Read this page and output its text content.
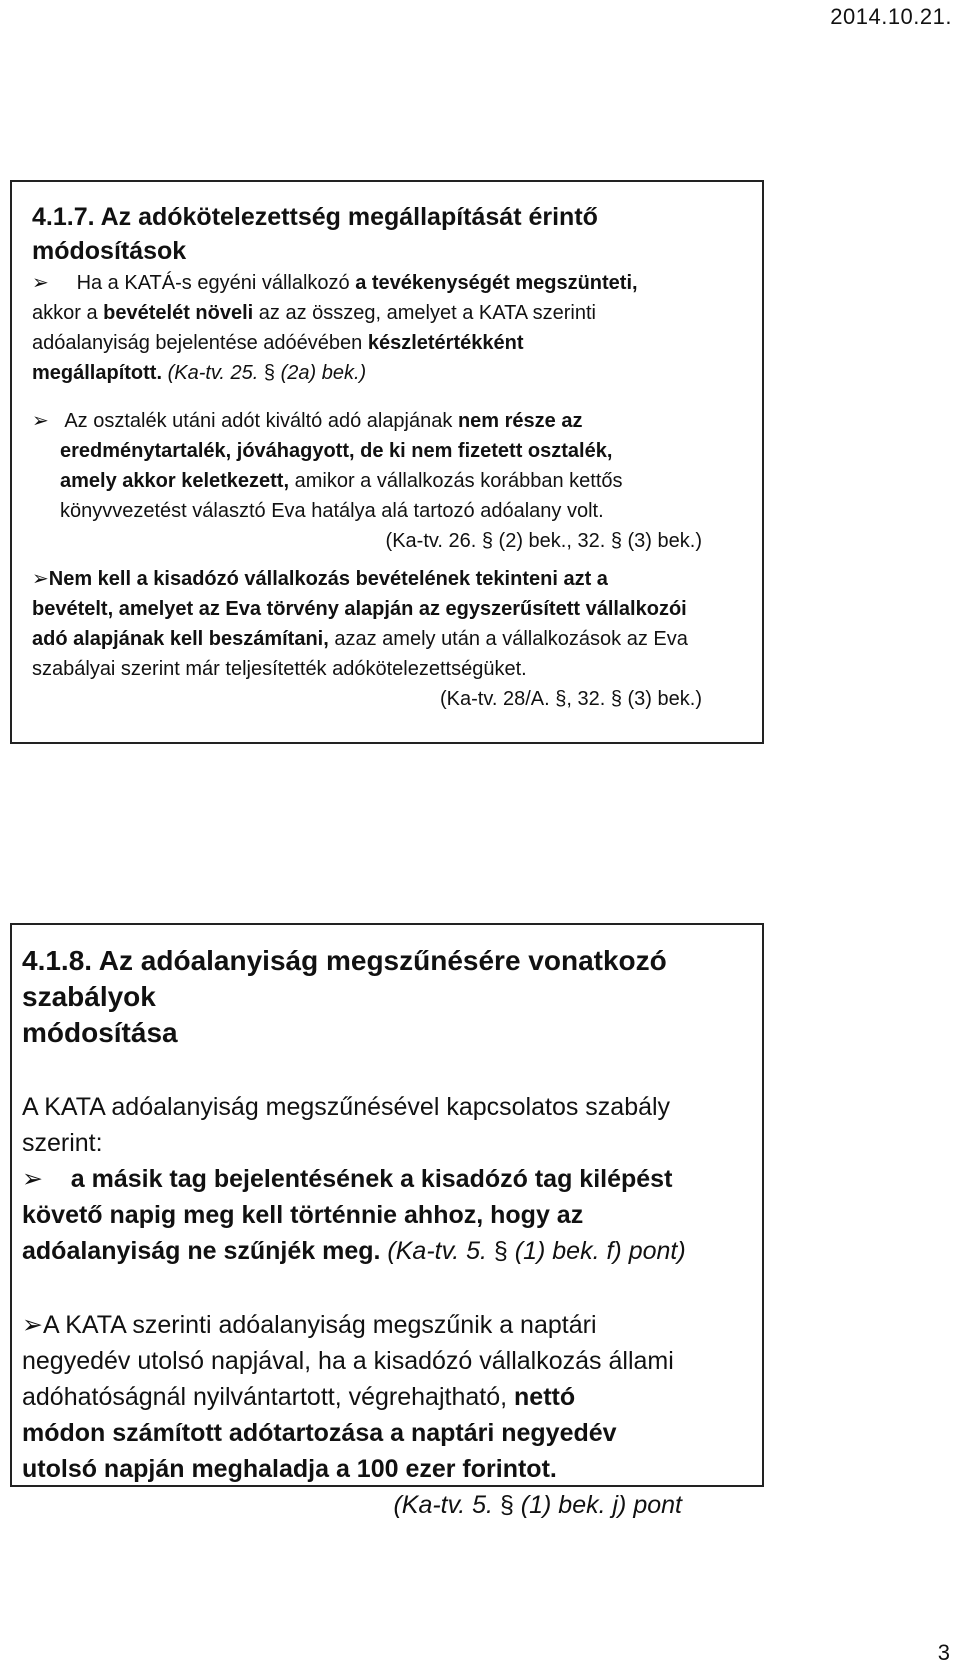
2014.10.21.

4.1.7. Az adókötelezettség megállapítását érintő
módosítások

➢ Ha a KATÁ-s egyéni vállalkozó a tevékenységét megszünteti,
akkor a bevételét növeli az az összeg, amelyet a KATA szerinti
adóalanyiság bejelentése adóévében készletértékként
megállapított. (Ka-tv. 25. § (2a) bek.)

➢ Az osztalék utáni adót kiváltó adó alapjának nem része az

eredménytartalék, jóváhagyott, de ki nem fizetett osztalék,
amely akkor keletkezett, amikor a vállalkozás korábban kettős
könyvvezetést választó Eva hatálya alá tartozó adóalany volt.

(Ka-tv. 26. § (2) bek., 32. § (3) bek.)

➢Nem kell a kisadózó vállalkozás bevételének tekinteni azt a
bevételt, amelyet az Eva törvény alapján az egyszerűsített vállalkozói
adó alapjának kell beszámítani, azaz amely után a vállalkozások az Eva
szabályai szerint már teljesítették adókötelezettségüket.

(Ka-tv. 28/A. §, 32. § (3) bek.)

4.1.8. Az adóalanyiság megszűnésére vonatkozó szabályok
módosítása

A KATA adóalanyiság megszűnésével kapcsolatos szabály
szerint:

➢ a másik tag bejelentésének a kisadózó tag kilépést
követő napig meg kell történnie ahhoz, hogy az
adóalanyiság ne szűnjék meg. (Ka-tv. 5. § (1) bek. f) pont)

➢A KATA szerinti adóalanyiság megszűnik a naptári
negyedév utolsó napjával, ha a kisadózó vállalkozás állami
adóhatóságnál nyilvántartott, végrehajtható, nettó
módon számított adótartozása a naptári negyedév
utolsó napján meghaladja a 100 ezer forintot.

(Ka-tv. 5. § (1) bek. j) pont

3
